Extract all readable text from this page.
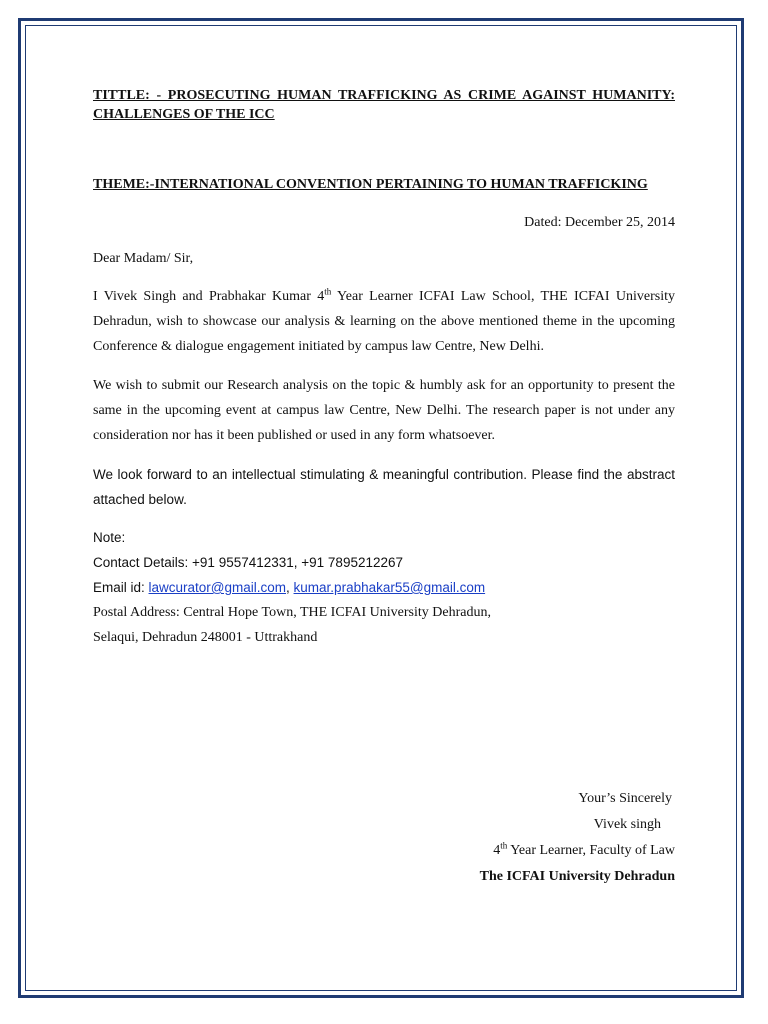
TITTLE: - PROSECUTING HUMAN TRAFFICKING AS CRIME AGAINST HUMANITY: CHALLENGES OF THE ICC

THEME:-INTERNATIONAL CONVENTION PERTAINING TO HUMAN TRAFFICKING
Dated: December 25, 2014
Dear Madam/ Sir,
I Vivek Singh and Prabhakar Kumar 4th Year Learner ICFAI Law School, THE ICFAI University Dehradun, wish to showcase our analysis & learning on the above mentioned theme in the upcoming Conference & dialogue engagement initiated by campus law Centre, New Delhi.
We wish to submit our Research analysis on the topic & humbly ask for an opportunity to present the same in the upcoming event at campus law Centre, New Delhi. The research paper is not under any consideration nor has it been published or used in any form whatsoever.
We look forward to an intellectual stimulating & meaningful contribution. Please find the abstract attached below.
Note:
Contact Details: +91 9557412331, +91 7895212267
Email id: lawcurator@gmail.com, kumar.prabhakar55@gmail.com
Postal Address: Central Hope Town, THE ICFAI University Dehradun,
Selaqui, Dehradun 248001 - Uttrakhand
Your’s Sincerely
Vivek singh
4th Year Learner, Faculty of Law
The ICFAI University Dehradun
